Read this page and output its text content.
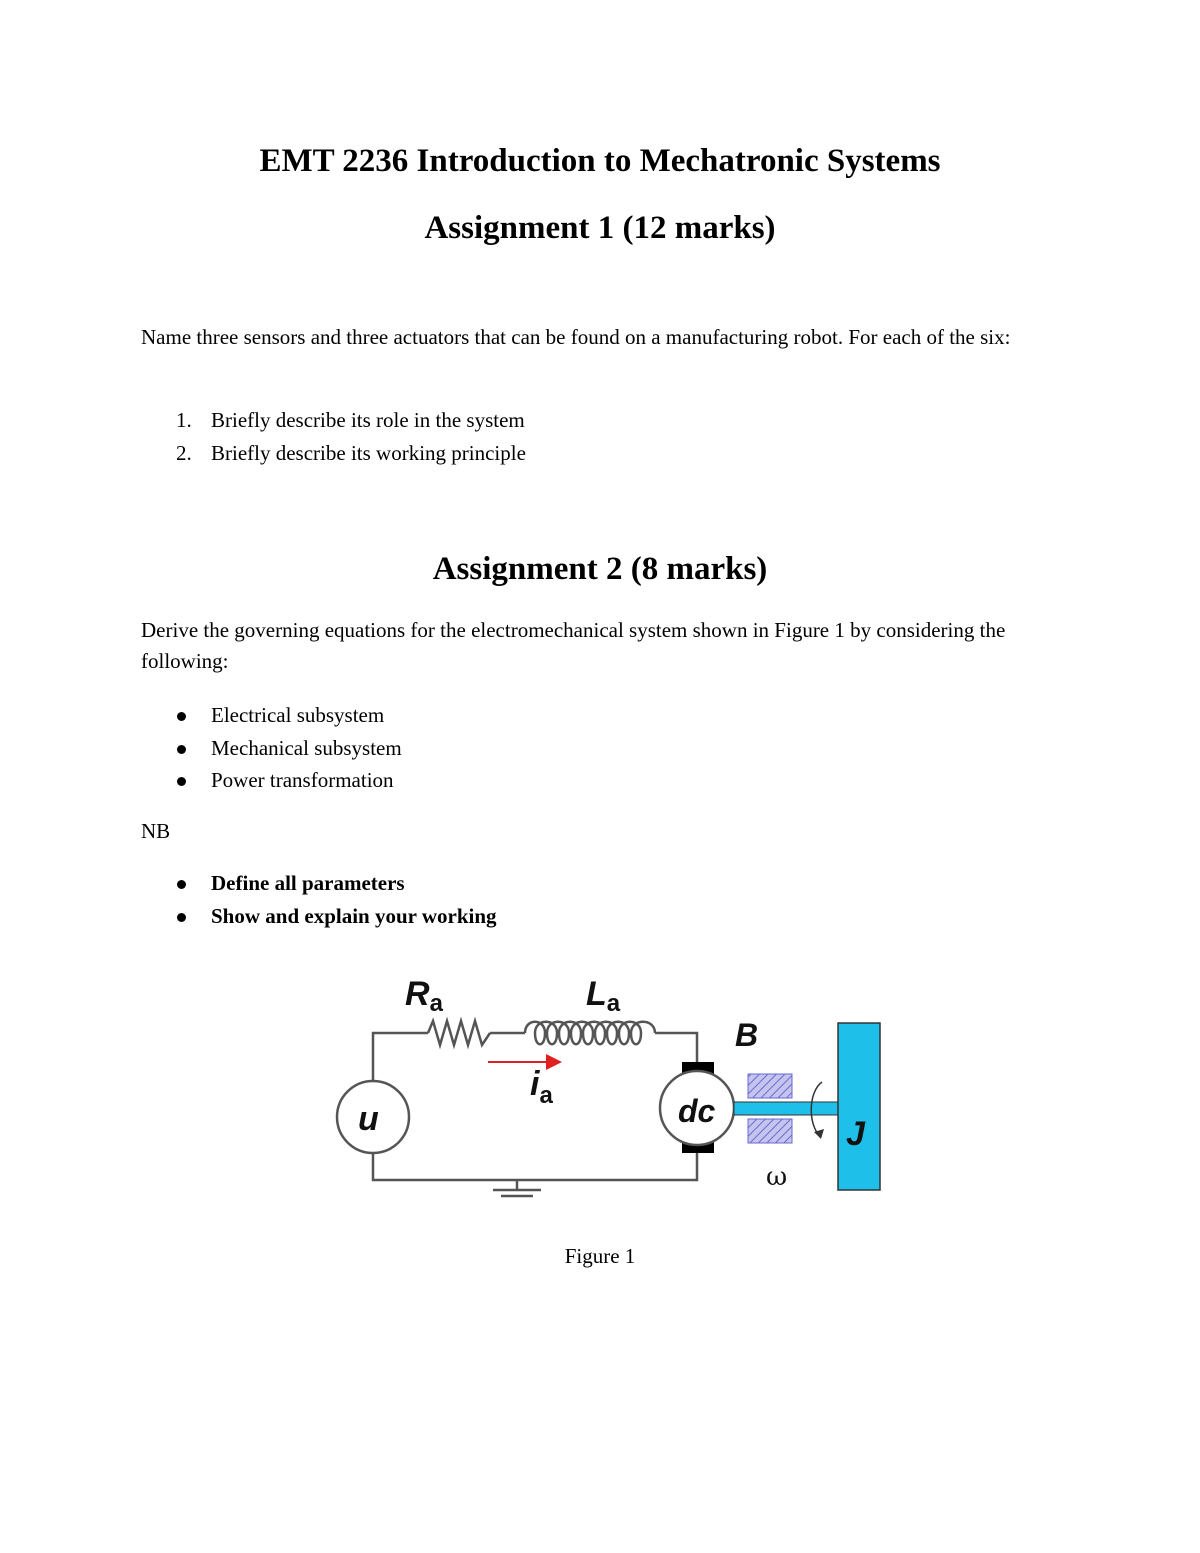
EMT 2236 Introduction to Mechatronic Systems
Assignment 1 (12 marks)

Name three sensors and three actuators that can be found on a manufacturing robot. For each of the six:

1. Briefly describe its role in the system
2. Briefly describe its working principle
Assignment 2 (8 marks)

Derive the governing equations for the electromechanical system shown in Figure 1 by considering the following:

Electrical subsystem
Mechanical subsystem
Power transformation

NB

Define all parameters
Show and explain your working
Ra	La
$i_a$
u	dc
B
J
ω

Figure 1
